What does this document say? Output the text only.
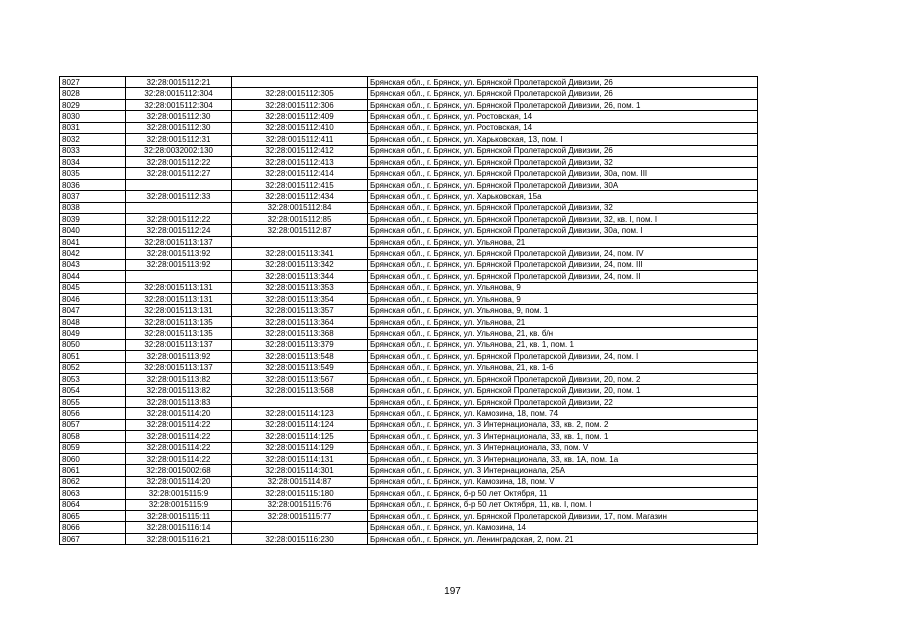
8027	32:28:0015112:21		Брянская обл., г. Брянск, ул. Брянской Пролетарской Дивизии, 26
8028	32:28:0015112:304	32:28:0015112:305	Брянская обл., г. Брянск, ул. Брянской Пролетарской Дивизии, 26
8029	32:28:0015112:304	32:28:0015112:306	Брянская обл., г. Брянск, ул. Брянской Пролетарской Дивизии, 26, пом. 1
8030	32:28:0015112:30	32:28:0015112:409	Брянская обл., г. Брянск, ул. Ростовская, 14
8031	32:28:0015112:30	32:28:0015112:410	Брянская обл., г. Брянск, ул. Ростовская, 14
8032	32:28:0015112:31	32:28:0015112:411	Брянская обл., г. Брянск, ул. Харьковская, 13, пом. I
8033	32:28:0032002:130	32:28:0015112:412	Брянская обл., г. Брянск, ул. Брянской Пролетарской Дивизии, 26
8034	32:28:0015112:22	32:28:0015112:413	Брянская обл., г. Брянск, ул. Брянской Пролетарской Дивизии, 32
8035	32:28:0015112:27	32:28:0015112:414	Брянская обл., г. Брянск, ул. Брянской Пролетарской Дивизии, 30а, пом. III
8036		32:28:0015112:415	Брянская обл., г. Брянск, ул. Брянской Пролетарской Дивизии, 30А
8037	32:28:0015112:33	32:28:0015112:434	Брянская обл., г. Брянск, ул. Харьковская, 15а
8038		32:28:0015112:84	Брянская обл., г. Брянск, ул. Брянской Пролетарской Дивизии, 32
8039	32:28:0015112:22	32:28:0015112:85	Брянская обл., г. Брянск, ул. Брянской Пролетарской Дивизии, 32, кв. I, пом. I
8040	32:28:0015112:24	32:28:0015112:87	Брянская обл., г. Брянск, ул. Брянской Пролетарской Дивизии, 30а, пом. I
8041	32:28:0015113:137		Брянская обл., г. Брянск, ул. Ульянова, 21
8042	32:28:0015113:92	32:28:0015113:341	Брянская обл., г. Брянск, ул. Брянской Пролетарской Дивизии, 24, пом. IV
8043	32:28:0015113:92	32:28:0015113:342	Брянская обл., г. Брянск, ул. Брянской Пролетарской Дивизии, 24, пом. III
8044		32:28:0015113:344	Брянская обл., г. Брянск, ул. Брянской Пролетарской Дивизии, 24, пом. II
8045	32:28:0015113:131	32:28:0015113:353	Брянская обл., г. Брянск, ул. Ульянова, 9
8046	32:28:0015113:131	32:28:0015113:354	Брянская обл., г. Брянск, ул. Ульянова, 9
8047	32:28:0015113:131	32:28:0015113:357	Брянская обл., г. Брянск, ул. Ульянова, 9, пом. 1
8048	32:28:0015113:135	32:28:0015113:364	Брянская обл., г. Брянск, ул. Ульянова, 21
8049	32:28:0015113:135	32:28:0015113:368	Брянская обл., г. Брянск, ул. Ульянова, 21, кв. б/н
8050	32:28:0015113:137	32:28:0015113:379	Брянская обл., г. Брянск, ул. Ульянова, 21, кв. 1, пом. 1
8051	32:28:0015113:92	32:28:0015113:548	Брянская обл., г. Брянск, ул. Брянской Пролетарской Дивизии, 24, пом. I
8052	32:28:0015113:137	32:28:0015113:549	Брянская обл., г. Брянск, ул. Ульянова, 21, кв. 1-6
8053	32:28:0015113:82	32:28:0015113:567	Брянская обл., г. Брянск, ул. Брянской Пролетарской Дивизии, 20, пом. 2
8054	32:28:0015113:82	32:28:0015113:568	Брянская обл., г. Брянск, ул. Брянской Пролетарской Дивизии, 20, пом. 1
8055	32:28:0015113:83		Брянская обл., г. Брянск, ул. Брянской Пролетарской Дивизии, 22
8056	32:28:0015114:20	32:28:0015114:123	Брянская обл., г. Брянск, ул. Камозина, 18, пом. 74
8057	32:28:0015114:22	32:28:0015114:124	Брянская обл., г. Брянск, ул. 3 Интернационала, 33, кв. 2, пом. 2
8058	32:28:0015114:22	32:28:0015114:125	Брянская обл., г. Брянск, ул. 3 Интернационала, 33, кв. 1, пом. 1
8059	32:28:0015114:22	32:28:0015114:129	Брянская обл., г. Брянск, ул. 3 Интернационала, 33, пом. V
8060	32:28:0015114:22	32:28:0015114:131	Брянская обл., г. Брянск, ул. 3 Интернационала, 33, кв. 1А, пом. 1а
8061	32:28:0015002:68	32:28:0015114:301	Брянская обл., г. Брянск, ул. 3 Интернационала, 25А
8062	32:28:0015114:20	32:28:0015114:87	Брянская обл., г. Брянск, ул. Камозина, 18, пом. V
8063	32:28:0015115:9	32:28:0015115:180	Брянская обл., г. Брянск, б-р 50 лет Октября, 11
8064	32:28:0015115:9	32:28:0015115:76	Брянская обл., г. Брянск, б-р 50 лет Октября, 11, кв. I, пом. I
8065	32:28:0015115:11	32:28:0015115:77	Брянская обл., г. Брянск, ул. Брянской Пролетарской Дивизии, 17, пом. Магазин
8066	32:28:0015116:14		Брянская обл., г. Брянск, ул. Камозина, 14
8067	32:28:0015116:21	32:28:0015116:230	Брянская обл., г. Брянск, ул. Ленинградская, 2, пом. 21
197
